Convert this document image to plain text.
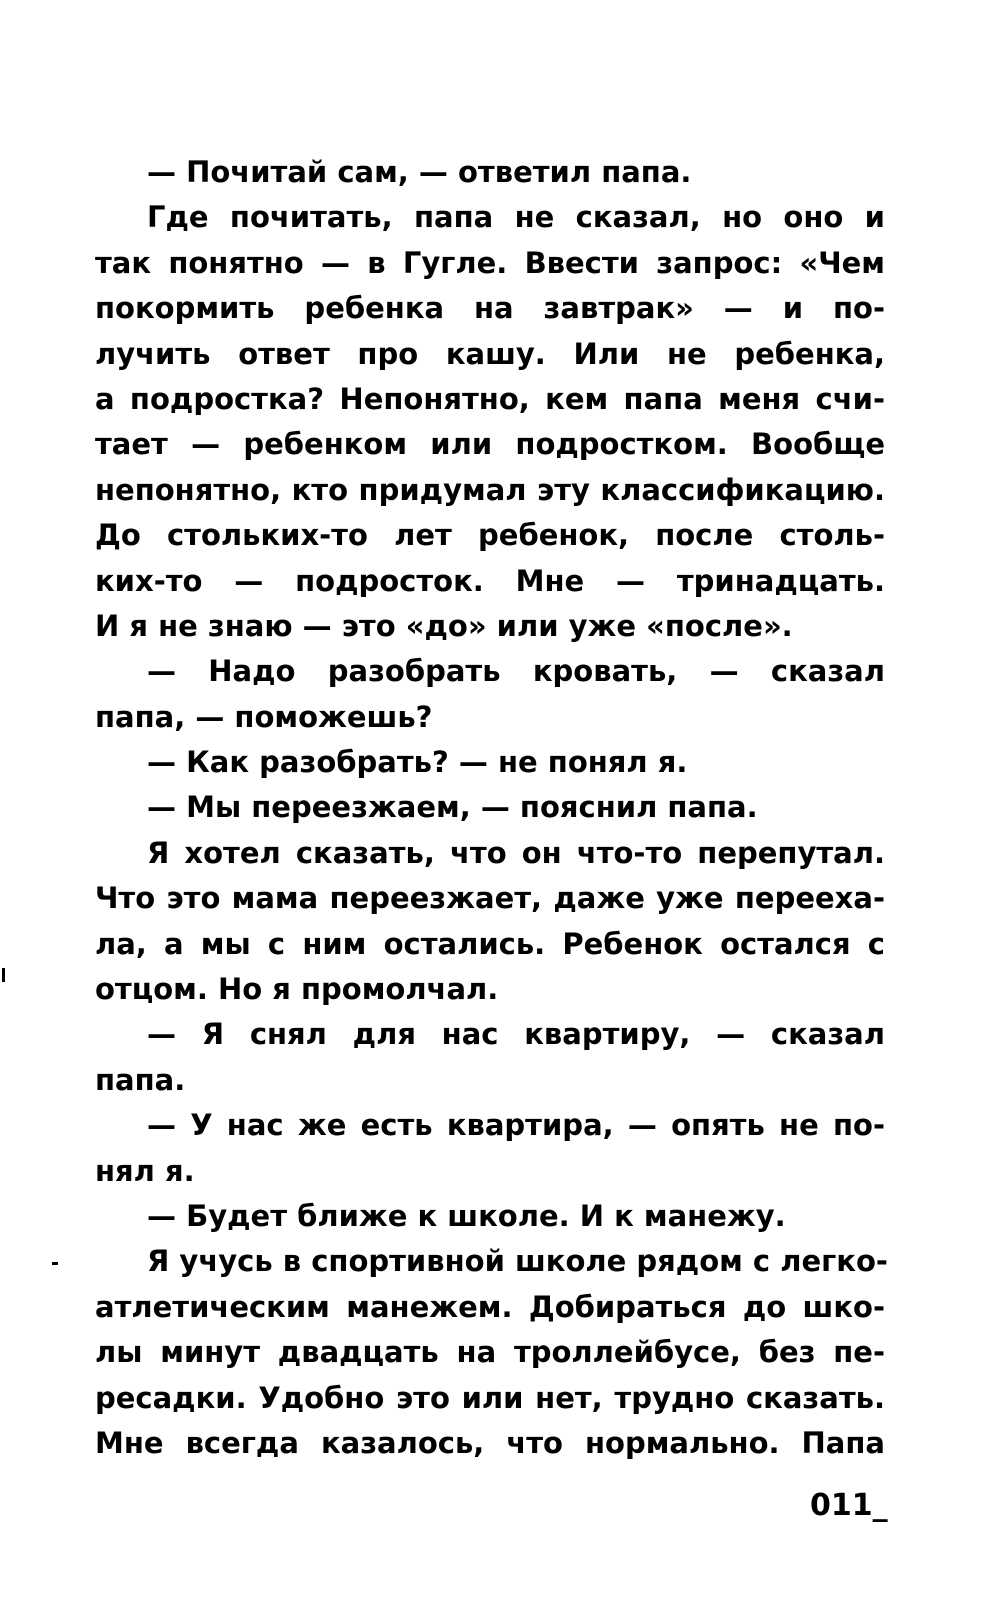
— Почитай сам, — ответил папа.
Где почитать, папа не сказал, но оно и
так понятно — в Гугле. Ввести запрос: «Чем
покормить ребенка на завтрак» — и по-
лучить ответ про кашу. Или не ребенка,
а подростка? Непонятно, кем папа меня счи-
тает — ребенком или подростком. Вообще
непонятно, кто придумал эту классификацию.
До стольких-то лет ребенок, после столь-
ких-то — подросток. Мне — тринадцать.
И я не знаю — это «до» или уже «после».
— Надо разобрать кровать, — сказал
папа, — поможешь?
— Как разобрать? — не понял я.
— Мы переезжаем, — пояснил папа.
Я хотел сказать, что он что-то перепутал.
Что это мама переезжает, даже уже перееха-
ла, а мы с ним остались. Ребенок остался с
отцом. Но я промолчал.
— Я снял для нас квартиру, — сказал
папа.
— У нас же есть квартира, — опять не по-
нял я.
— Будет ближе к школе. И к манежу.
Я учусь в спортивной школе рядом с легко-
атлетическим манежем. Добираться до шко-
лы минут двадцать на троллейбусе, без пе-
ресадки. Удобно это или нет, трудно сказать.
Мне всегда казалось, что нормально. Папа
011_
